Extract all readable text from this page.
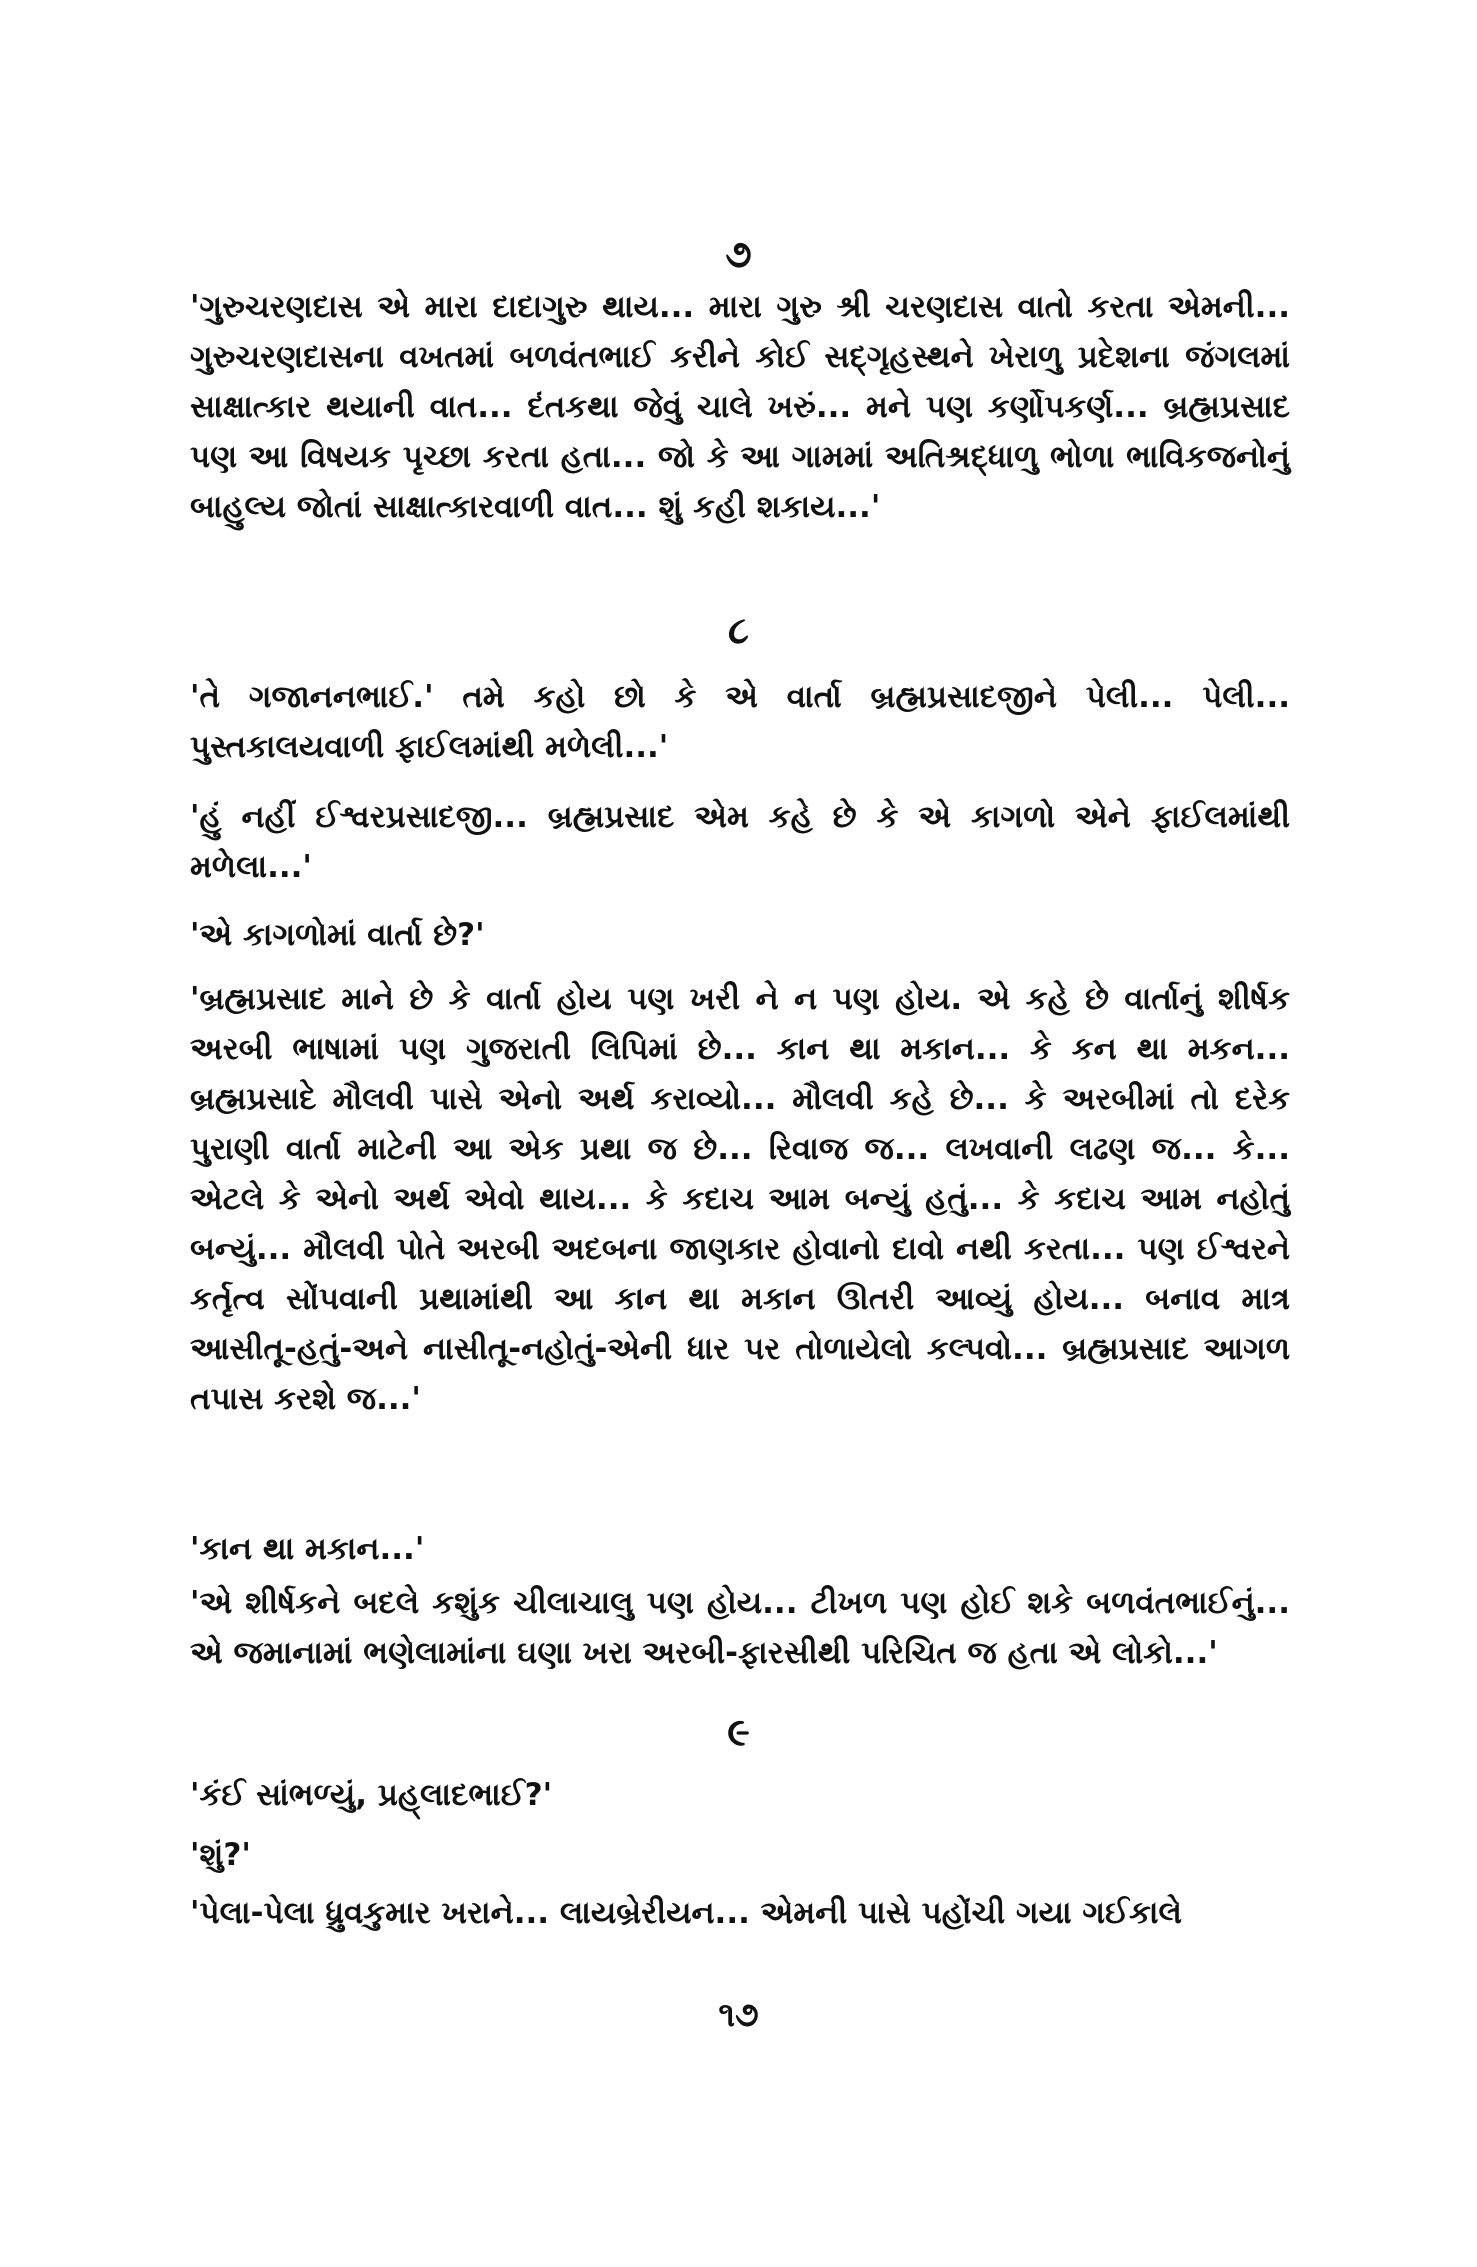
૭

'ગુરુચરણદાસ એ મારા દાદાગુરુ થાય... મારા ગુરુ શ્રી ચરણદાસ વાતો કરતા એમની... ગુરુચરણદાસના વખતમાં બળવંતભાઈ કરીને કોઈ સદ્‌ગૃહસ્થને ખેરાળુ પ્રદેશના જંગલમાં સાક્ષાત્કાર થયાની વાત... દંતકથા જેવું ચાલે ખરું... મને પણ કર્ણોપકર્ણ... બ્રહ્મપ્રસાદ પણ આ વિષયક પૃચ્છા કરતા હતા... જો કે આ ગામમાં અતિશ્રદ્ધાળુ ભોળા ભાવિકજનોનું બાહુલ્ય જોતાં સાક્ષાત્કારવાળી વાત... શું કહી શકાય...'

૮

'તે ગજાનનભાઈ.' તમે કહો છો કે એ વાર્તા બ્રહ્મપ્રસાદજીને પેલી... પેલી... પુસ્તકાલયવાળી ફાઈલમાંથી મળેલી...'

'હું નહીં ઈશ્વરપ્રસાદજી... બ્રહ્મપ્રસાદ એમ કહે છે કે એ કાગળો એને ફાઈલમાંથી મળેલા...'

'એ કાગળોમાં વાર્તા છે?'

'બ્રહ્મપ્રસાદ માને છે કે વાર્તા હોય પણ ખરી ને ન પણ હોય. એ કહે છે વાર્તાનું શીર્ષક અરબી ભાષામાં પણ ગુજરાતી લિપિમાં છે... કાન થા મકાન... કે કન થા મકન... બ્રહ્મપ્રસાદે મૌલવી પાસે એનો અર્થ કરાવ્યો... મૌલવી કહે છે... કે અરબીમાં તો દરેક પુરાણી વાર્તા માટેની આ એક પ્રથા જ છે... રિવાજ જ... લખવાની લઢણ જ... કે... એટલે કે એનો અર્થ એવો થાય... કે કદાચ આમ બન્યું હતું... કે કદાચ આમ નહોતું બન્યું... મૌલવી પોતે અરબી અદબના જાણકાર હોવાનો દાવો નથી કરતા... પણ ઈશ્વરને કર્તૃત્વ સોંપવાની પ્રથામાંથી આ કાન થા મકાન ઊતરી આવ્યું હોય... બનાવ માત્ર આસીતૂ-હતું-અને નાસીતૂ-નહોતું-એની ધાર પર તોળાયેલો કલ્પવો... બ્રહ્મપ્રસાદ આગળ તપાસ કરશે જ...'

'કાન થા મકાન...'

'એ શીર્ષકને બદલે કશુંક ચીલાચાલુ પણ હોય... ટીખળ પણ હોઈ શકે બળવંતભાઈનું... એ જમાનામાં ભણેલામાંના ઘણા ખરા અરબી-ફારસીથી પરિચિત જ હતા એ લોકો...'

૯

'કંઈ સાંભળ્યું, પ્રહ્‌લાદભાઈ?'

'શું?'

'પેલા-પેલા ધ્રુવકુમાર ખરાને... લાયબ્રેરીયન... એમની પાસે પહોંચી ગયા ગઈકાલે

૧૭
